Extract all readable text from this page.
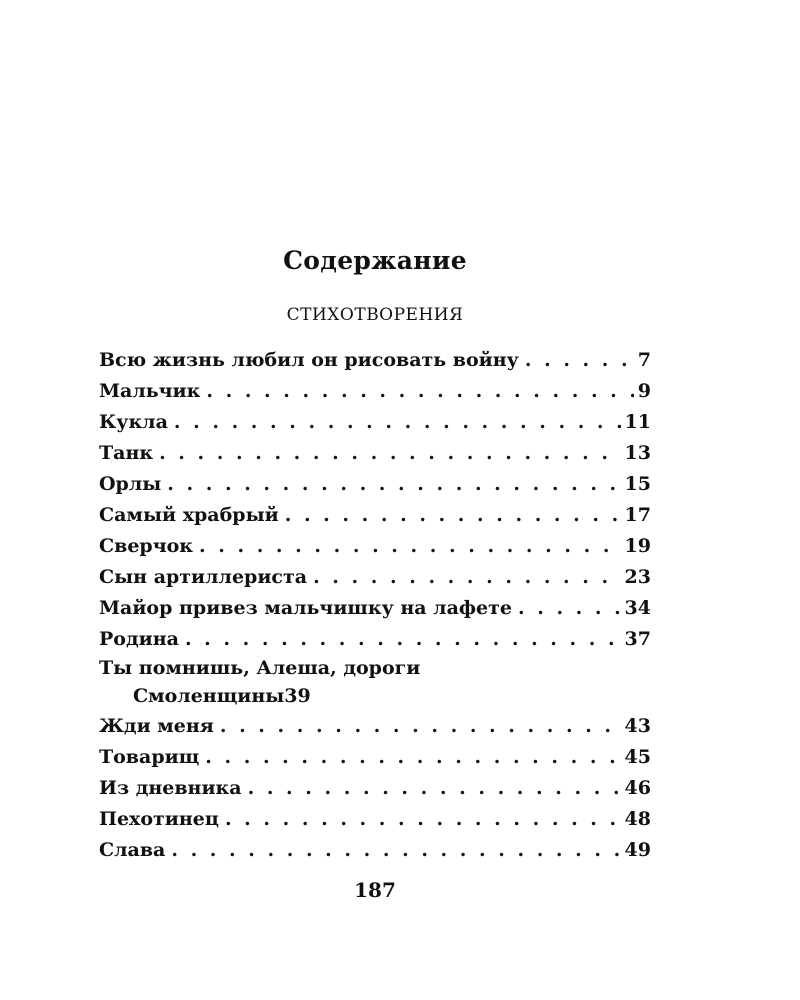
Содержание
СТИХОТВОРЕНИЯ
Всю жизнь любил он рисовать войну . . .	7
Мальчик . . .	9
Кукла . . .	11
Танк . . .	13
Орлы . . .	15
Самый храбрый . . .	17
Сверчок . . .	19
Сын артиллериста . . .	23
Майор привез мальчишку на лафете . . .	34
Родина . . .	37
Ты помнишь, Алеша, дороги
Смоленщины 39
Жди меня . . .	43
Товарищ . . .	45
Из дневника . . .	46
Пехотинец . . .	48
Слава . . .	49
187
